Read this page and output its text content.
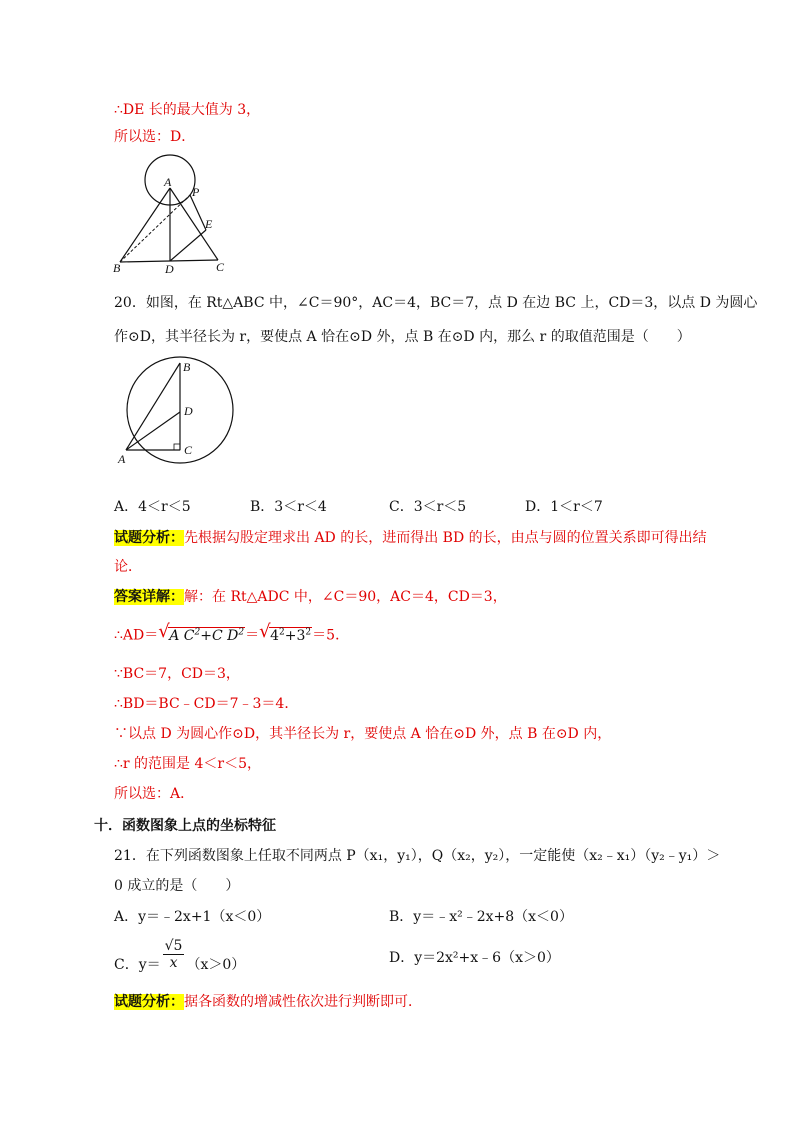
∴DE 长的最大值为 3，
所以选：D．
A
P
E
B	D	C
20．如图，在 Rt△ABC 中，∠C＝90°，AC＝4，BC＝7，点 D 在边 BC 上，CD＝3，以点 D 为圆心
作⊙D，其半径长为 r，要使点 A 恰在⊙D 外，点 B 在⊙D 内，那么 r 的取值范围是（　　）
B
D
C
A
A．4＜r＜5	B．3＜r＜4	C．3＜r＜5	D．1＜r＜7
试题分析：先根据勾股定理求出 AD 的长，进而得出 BD 的长，由点与圆的位置关系即可得出结
论．
答案详解：解：在 Rt△ADC 中，∠C＝90，AC＝4，CD＝3，
∴AD＝ √ A $C^2+C$ $D^2=$ √ $4^2+3^2=5$．
∵BC＝7，CD＝3，
∴BD＝BC﹣CD＝7﹣3＝4．
∵以点 D 为圆心作⊙D，其半径长为 r，要使点 A 恰在⊙D 外，点 B 在⊙D 内，
∴r 的范围是 4＜r＜5，
所以选：A．
十．函数图象上点的坐标特征
21．在下列函数图象上任取不同两点 P（x₁，y₁），Q（x₂，y₂），一定能使（x₂﹣x₁）（y₂﹣y₁）＞
0 成立的是（　　）
A．y＝﹣2x+1（x＜0）	B．y＝﹣x²﹣2x+8（x＜0）
C．$y= \frac{√5}{x} (x>0)$	D．y＝2x²+x﹣6（x＞0）
试题分析：据各函数的增减性依次进行判断即可．
